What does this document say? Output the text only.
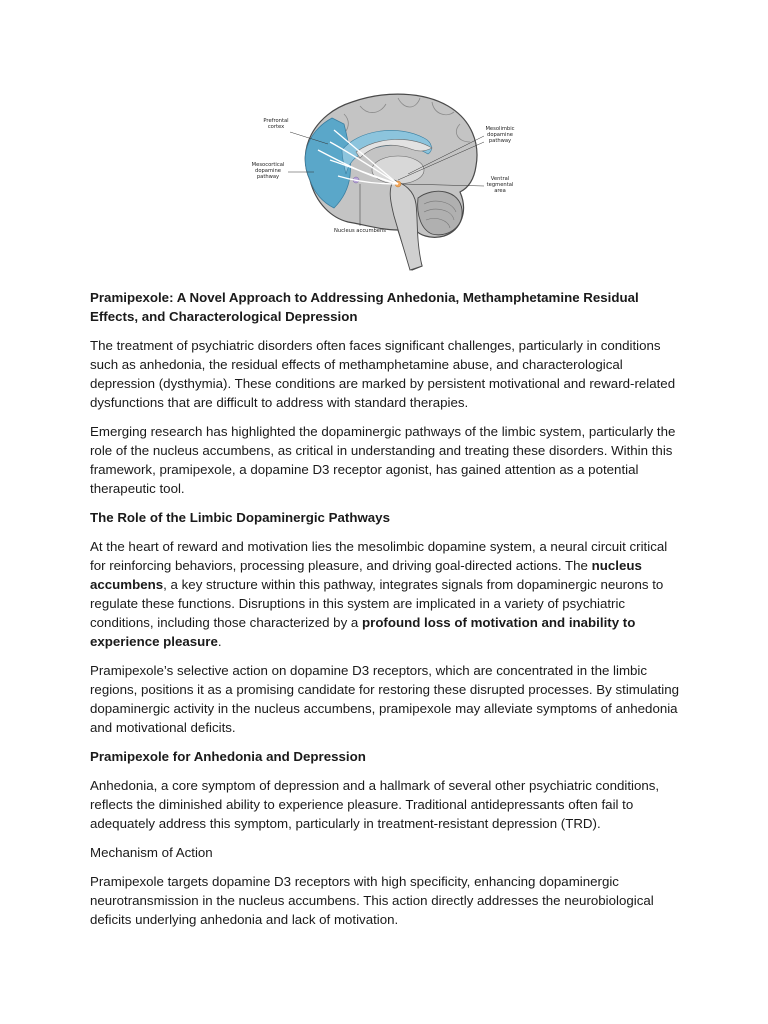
Prefrontal
cortex
Mesocortical
dopamine
pathway
Mesolimbic
dopamine
pathway
Ventral
tegmental
area
Nucleus accumbens
Pramipexole: A Novel Approach to Addressing Anhedonia, Methamphetamine Residual Effects, and Characterological Depression

The treatment of psychiatric disorders often faces significant challenges, particularly in conditions such as anhedonia, the residual effects of methamphetamine abuse, and characterological depression (dysthymia). These conditions are marked by persistent motivational and reward-related dysfunctions that are difficult to address with standard therapies.

Emerging research has highlighted the dopaminergic pathways of the limbic system, particularly the role of the nucleus accumbens, as critical in understanding and treating these disorders. Within this framework, pramipexole, a dopamine D3 receptor agonist, has gained attention as a potential therapeutic tool.

The Role of the Limbic Dopaminergic Pathways

At the heart of reward and motivation lies the mesolimbic dopamine system, a neural circuit critical for reinforcing behaviors, processing pleasure, and driving goal-directed actions. The nucleus accumbens, a key structure within this pathway, integrates signals from dopaminergic neurons to regulate these functions. Disruptions in this system are implicated in a variety of psychiatric conditions, including those characterized by a profound loss of motivation and inability to experience pleasure.

Pramipexole’s selective action on dopamine D3 receptors, which are concentrated in the limbic regions, positions it as a promising candidate for restoring these disrupted processes. By stimulating dopaminergic activity in the nucleus accumbens, pramipexole may alleviate symptoms of anhedonia and motivational deficits.

Pramipexole for Anhedonia and Depression

Anhedonia, a core symptom of depression and a hallmark of several other psychiatric conditions, reflects the diminished ability to experience pleasure. Traditional antidepressants often fail to adequately address this symptom, particularly in treatment-resistant depression (TRD).

Mechanism of Action

Pramipexole targets dopamine D3 receptors with high specificity, enhancing dopaminergic neurotransmission in the nucleus accumbens. This action directly addresses the neurobiological deficits underlying anhedonia and lack of motivation.
